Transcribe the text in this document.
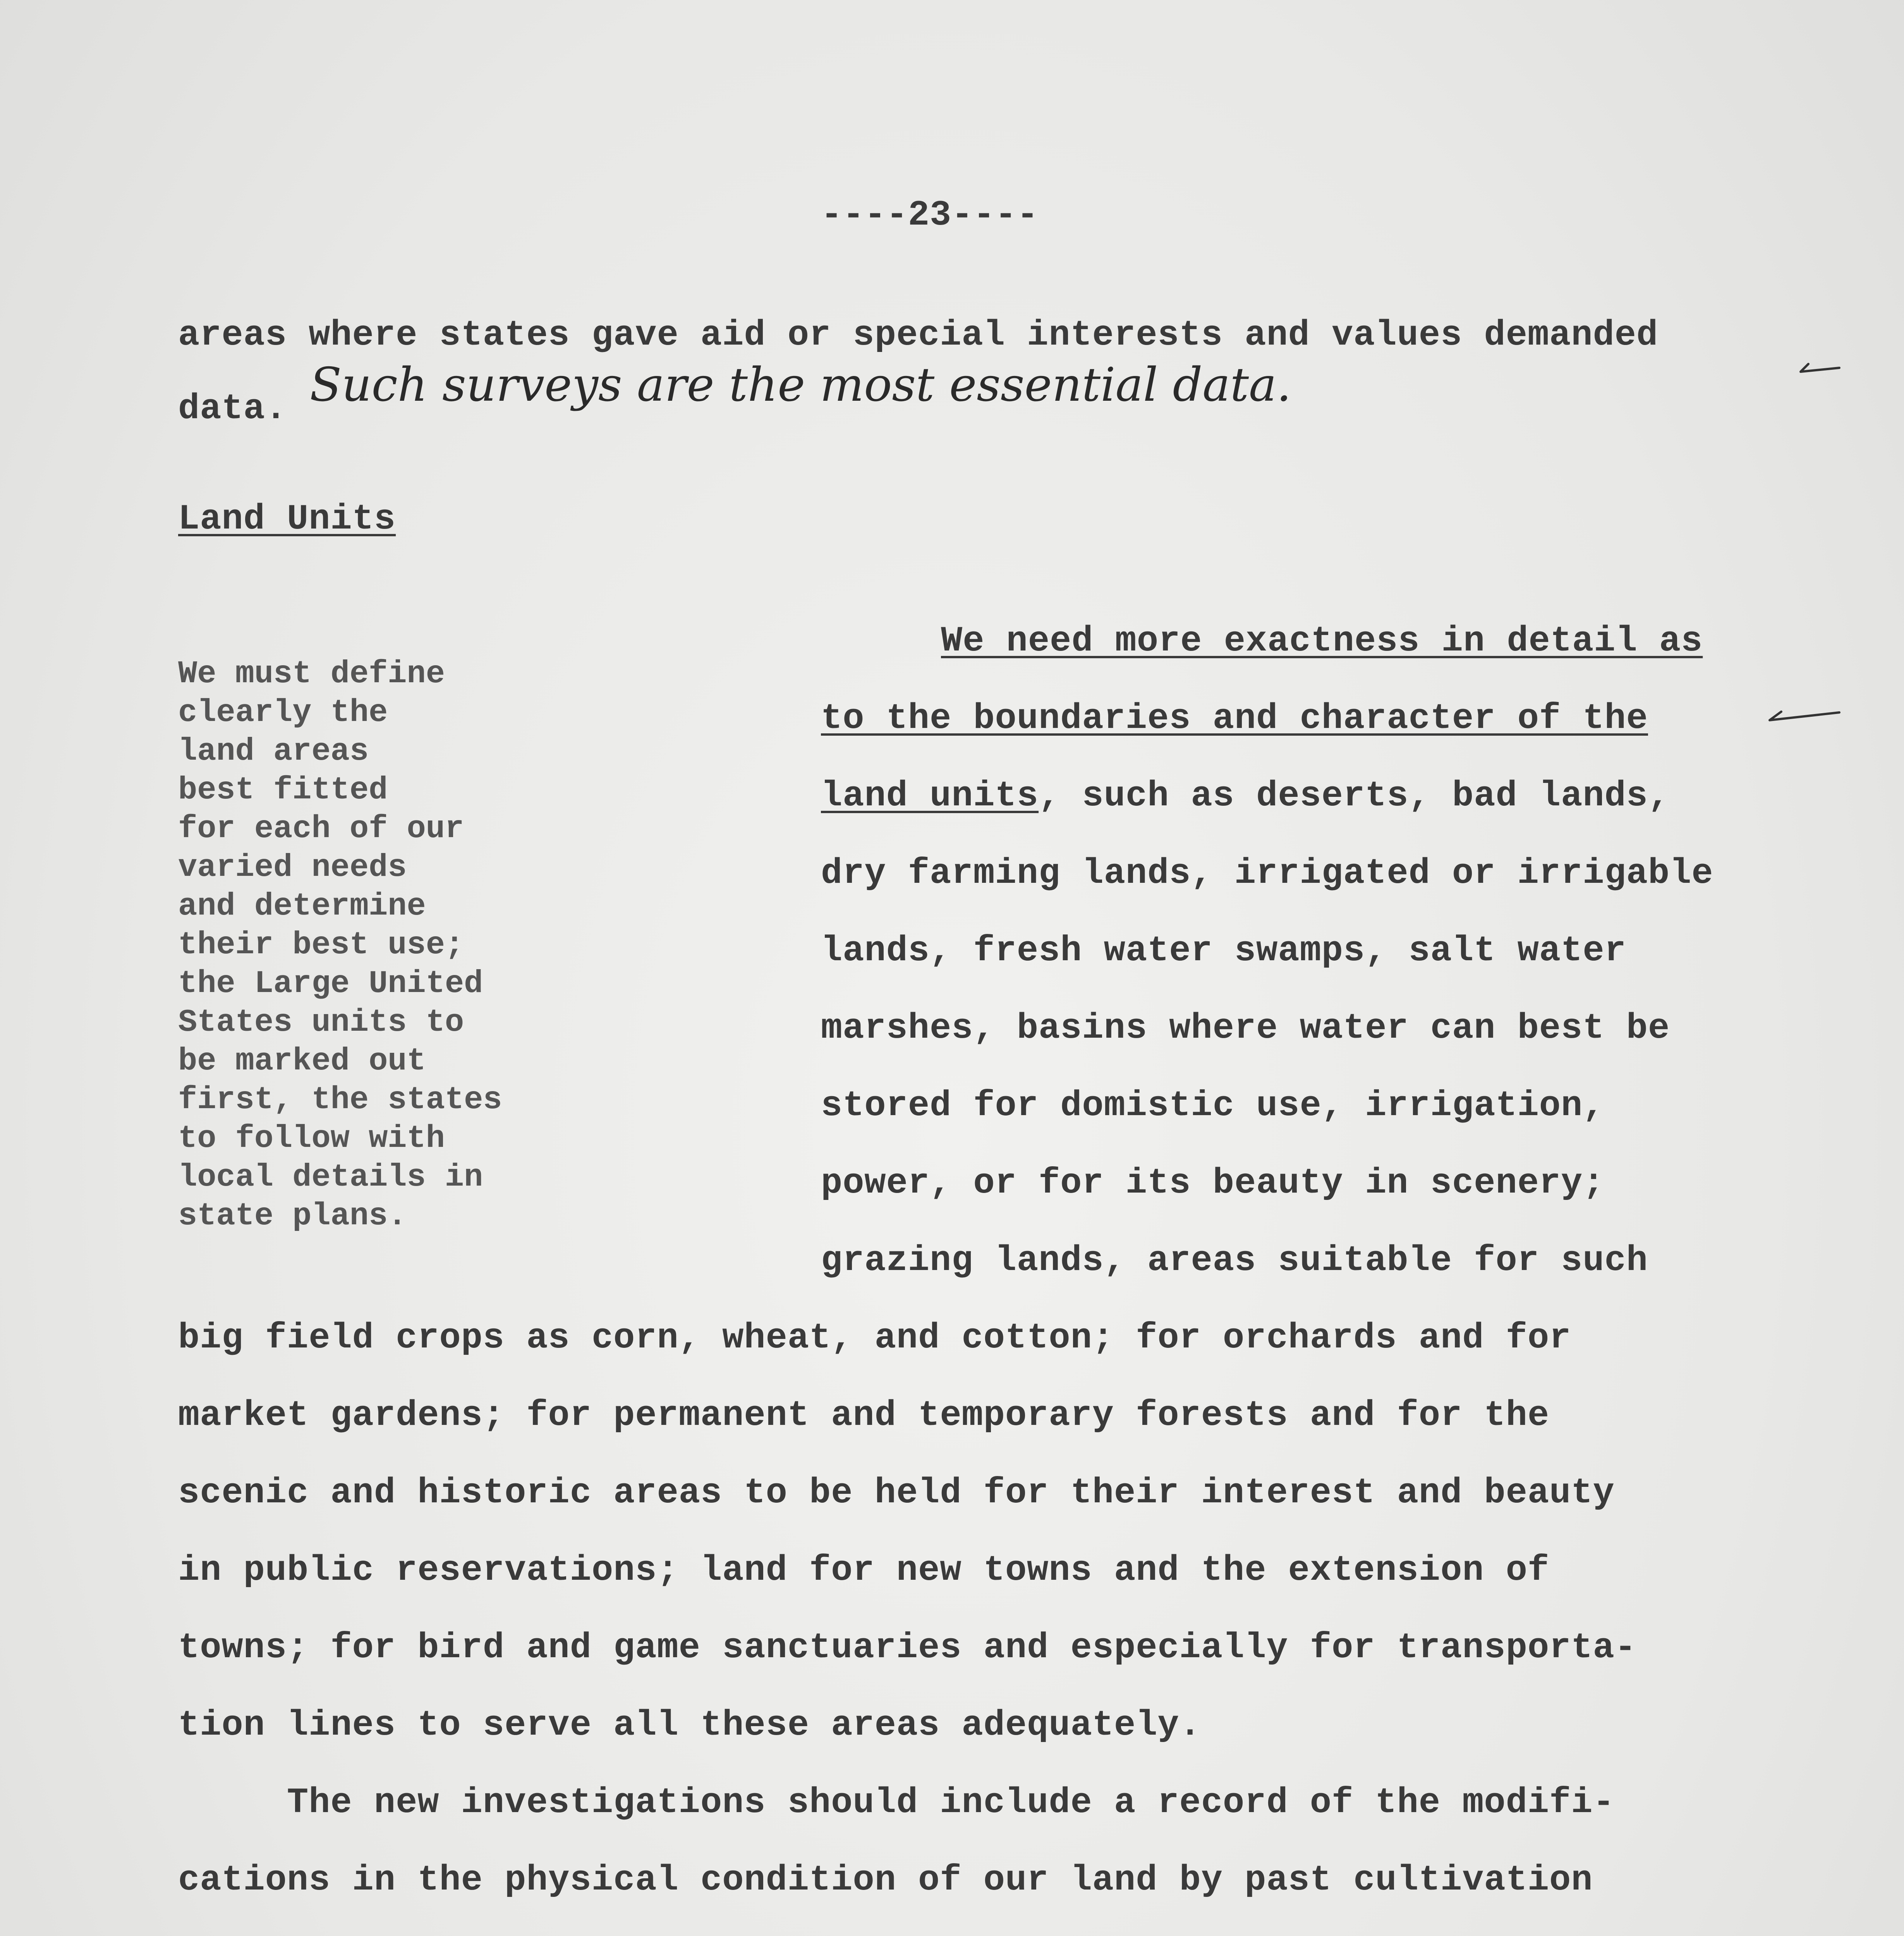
----23----
areas where states gave aid or special interests and values demanded
data. Such surveys are the most essential data.
Land Units
We must define
clearly the
land areas
best fitted
for each of our
varied needs
and determine
their best use;
the Large United
States units to
be marked out
first, the states
to follow with
local details in
state plans.
We need more exactness in detail as
to the boundaries and character of the
land units, such as deserts, bad lands,
dry farming lands, irrigated or irrigable
lands, fresh water swamps, salt water
marshes, basins where water can best be
stored for domistic use, irrigation,
power, or for its beauty in scenery;
grazing lands, areas suitable for such
big field crops as corn, wheat, and cotton; for orchards and for
market gardens; for permanent and temporary forests and for the
scenic and historic areas to be held for their interest and beauty
in public reservations; land for new towns and the extension of
towns; for bird and game sanctuaries and especially for transporta-
tion lines to serve all these areas adequately.
The new investigations should include a record of the modifi-
cations in the physical condition of our land by past cultivation
